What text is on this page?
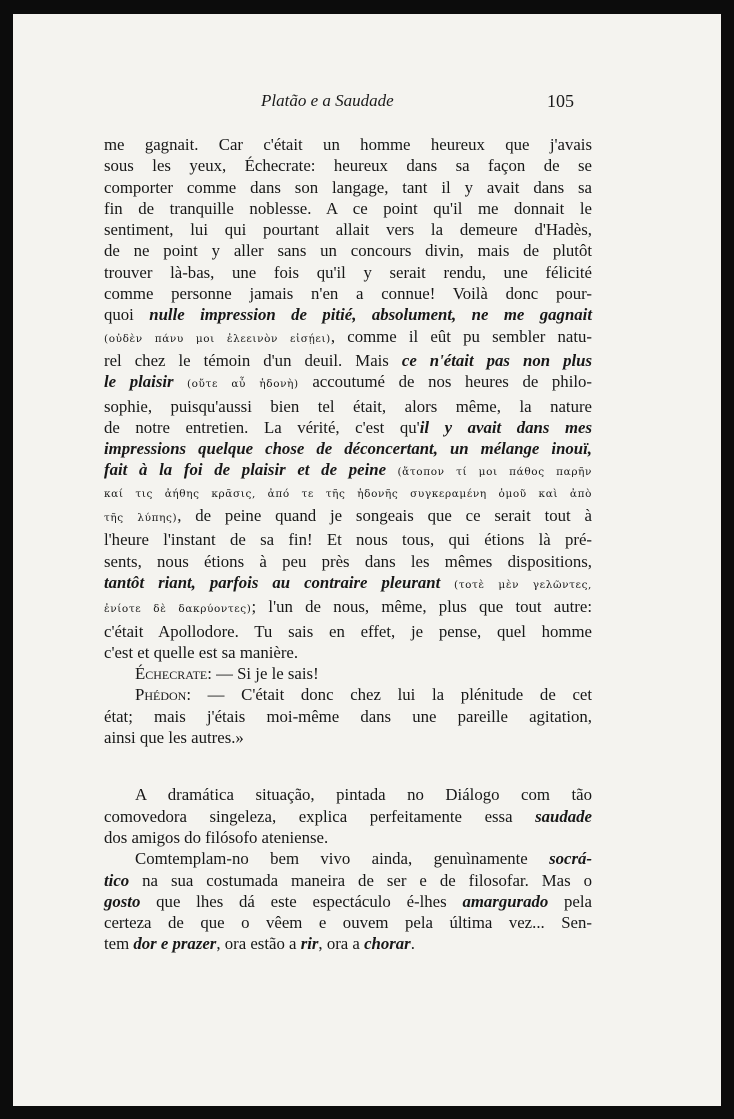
Platão e a Saudade	105
me gagnait. Car c'était un homme heureux que j'avais
sous les yeux, Échecrate: heureux dans sa façon de se
comporter comme dans son langage, tant il y avait dans sa
fin de tranquille noblesse. A ce point qu'il me donnait le
sentiment, lui qui pourtant allait vers la demeure d'Hadès,
de ne point y aller sans un concours divin, mais de plutôt
trouver là-bas, une fois qu'il y serait rendu, une félicité
comme personne jamais n'en a connue! Voilà donc pour-
quoi nulle impression de pitié, absolument, ne me gagnait
(οὐδὲν πάνυ μοι ἐλεεινὸν εἰσῄει), comme il eût pu sembler natu-
rel chez le témoin d'un deuil. Mais ce n'était pas non plus
le plaisir (οὔτε αὖ ἡδονὴ) accoutumé de nos heures de philo-
sophie, puisqu'aussi bien tel était, alors même, la nature
de notre entretien. La vérité, c'est qu'il y avait dans mes
impressions quelque chose de déconcertant, un mélange inouï,
fait à la foi de plaisir et de peine (ἄτοπον τί μοι πάθος παρῆν
καί τις ἀήθης κρᾶσις, ἀπό τε τῆς ἡδονῆς συγκεραμένη ὁμοῦ καὶ ἀπὸ
τῆς λύπης), de peine quand je songeais que ce serait tout à
l'heure l'instant de sa fin! Et nous tous, qui étions là pré-
sents, nous étions à peu près dans les mêmes dispositions,
tantôt riant, parfois au contraire pleurant (τοτὲ μὲν γελῶντες,
ἐνίοτε δὲ δακρύοντες); l'un de nous, même, plus que tout autre:
c'était Apollodore. Tu sais en effet, je pense, quel homme
c'est et quelle est sa manière.
Échecrate: — Si je le sais!
Phédon: — C'était donc chez lui la plénitude de cet
état; mais j'étais moi-même dans une pareille agitation,
ainsi que les autres.»
A dramática situação, pintada no Diálogo com tão
comovedora singeleza, explica perfeitamente essa saudade
dos amigos do filósofo ateniense.
Comtemplam-no bem vivo ainda, genuìnamente socrá-
tico na sua costumada maneira de ser e de filosofar. Mas o
gosto que lhes dá este espectáculo é-lhes amargurado pela
certeza de que o vêem e ouvem pela última vez... Sen-
tem dor e prazer, ora estão a rir, ora a chorar.
